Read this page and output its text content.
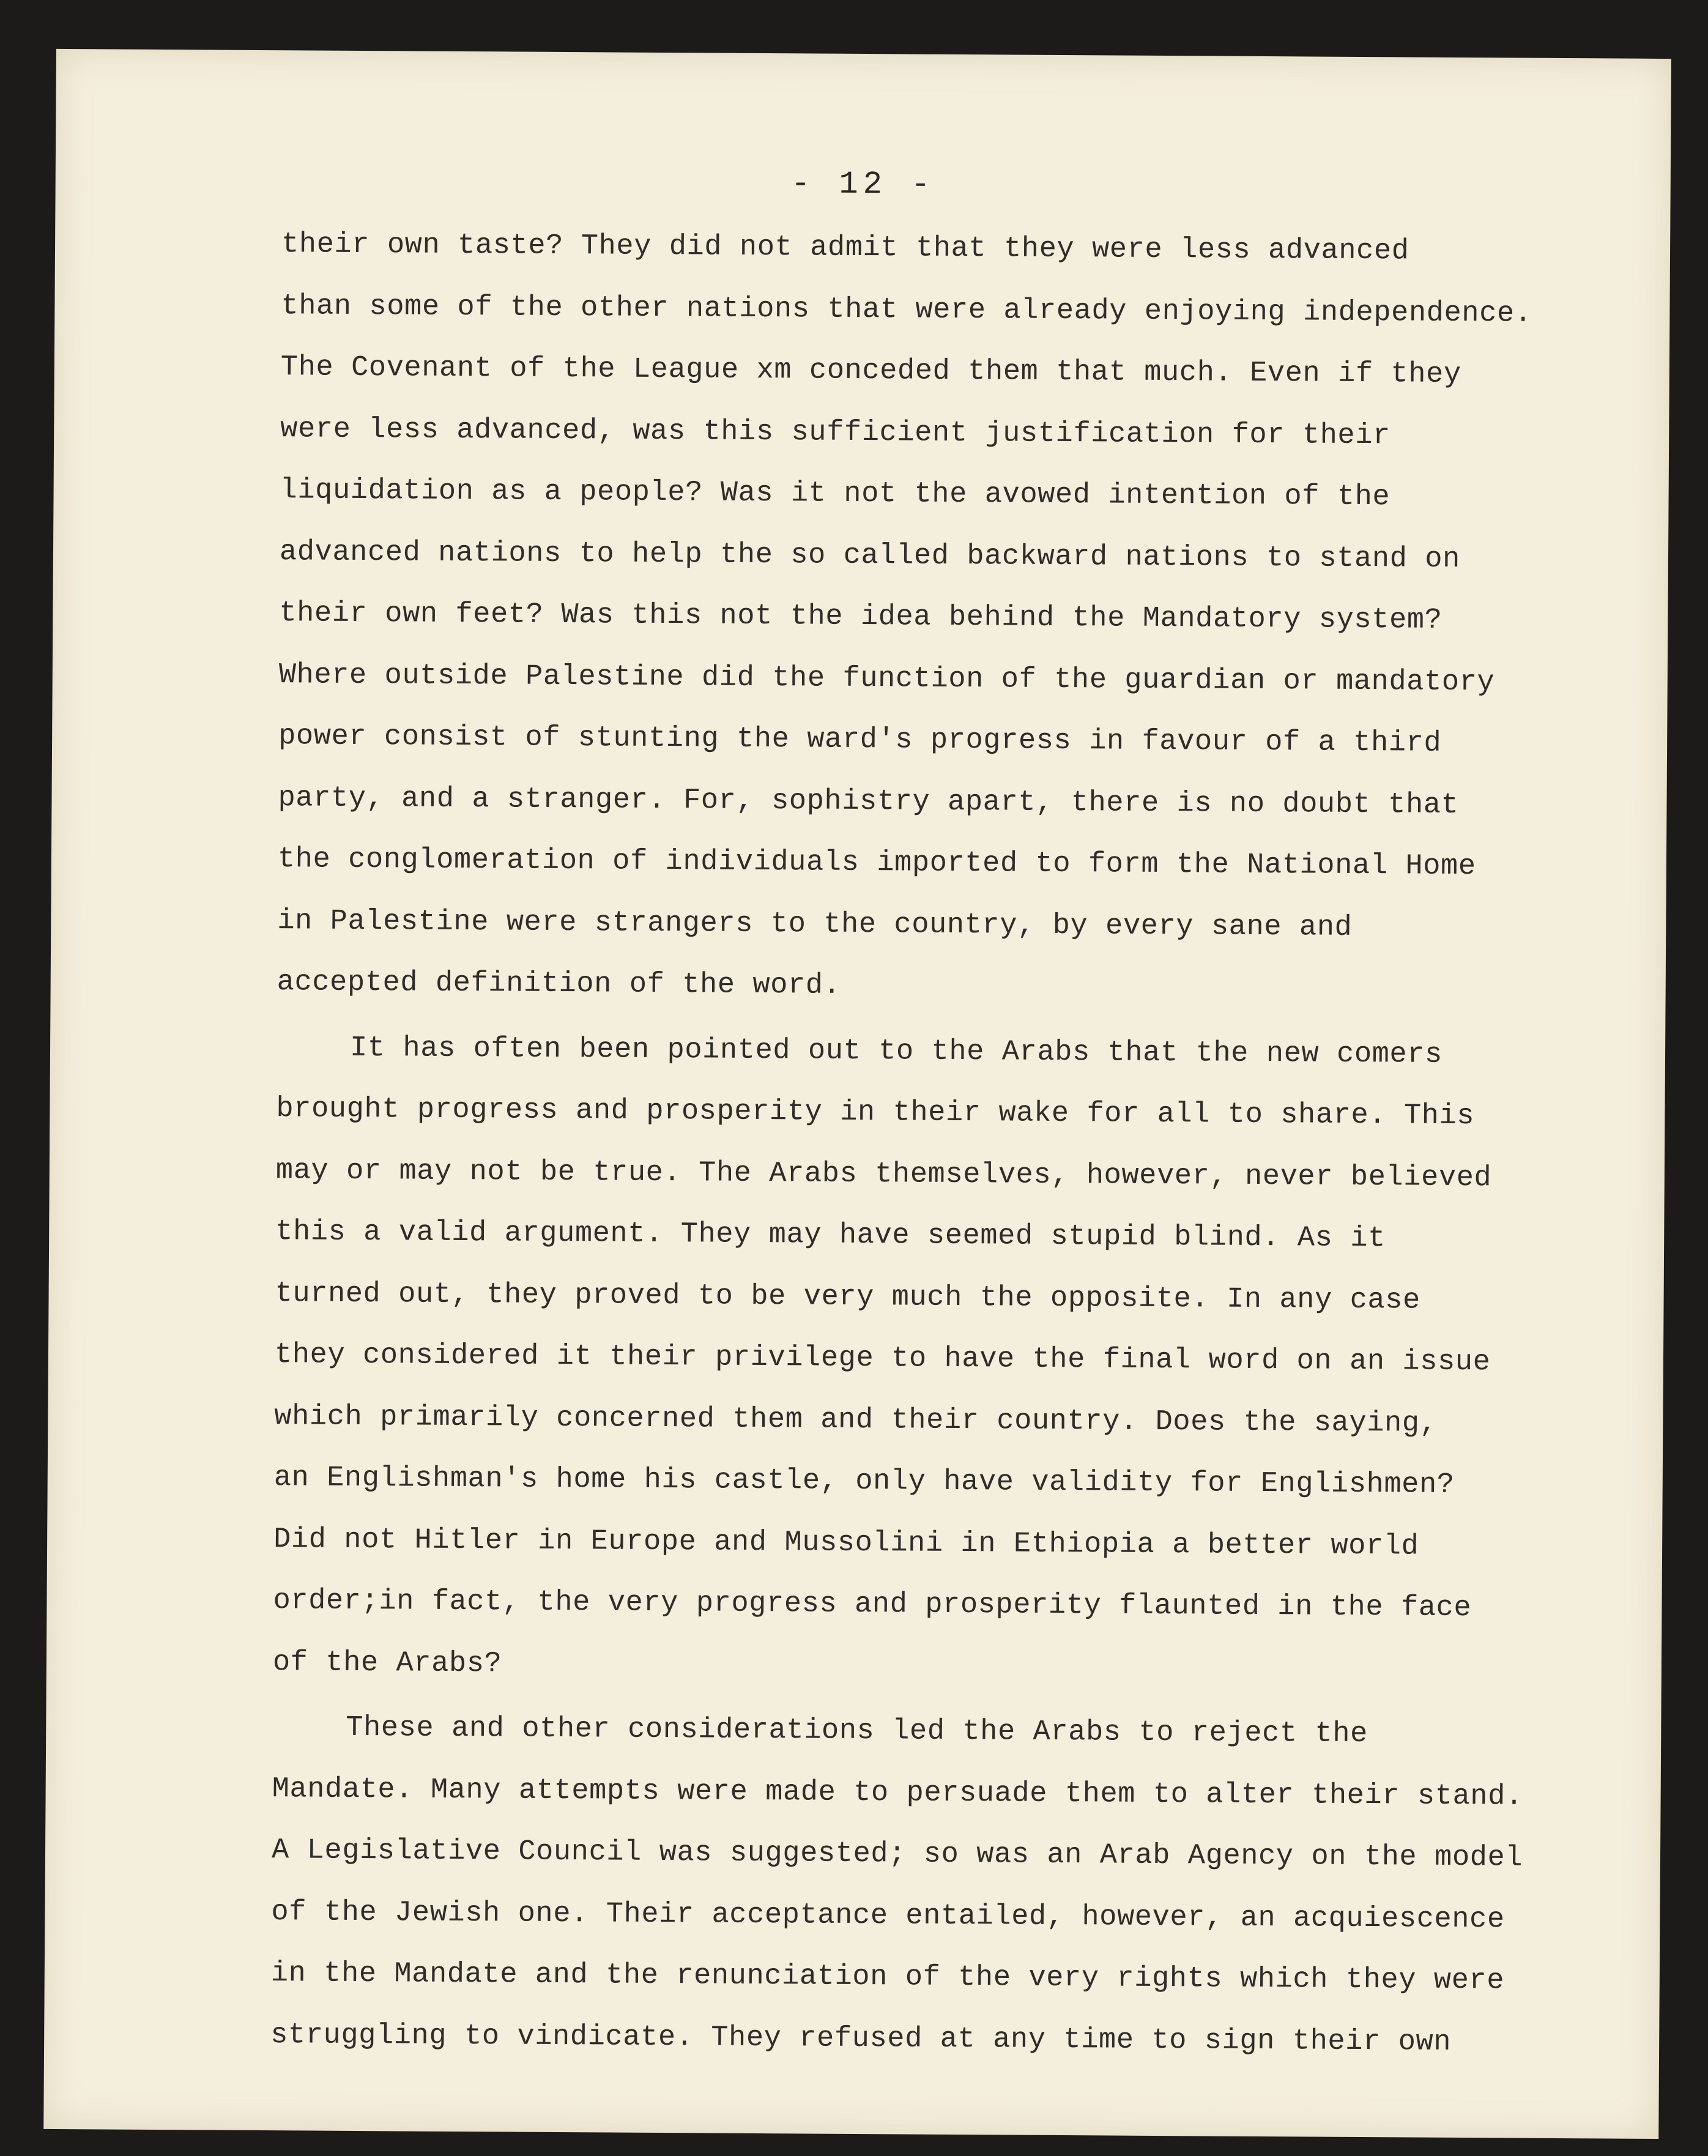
- 12 -
their own taste? They did not admit that they were less advanced
than some of the other nations that were already enjoying independence.
The Covenant of the League xm conceded them that much. Even if they
were less advanced, was this sufficient justification for their
liquidation as a people? Was it not the avowed intention of the
advanced nations to help the so called backward nations to stand on
their own feet? Was this not the idea behind the Mandatory system?
Where outside Palestine did the function of the guardian or mandatory
power consist of stunting the ward's progress in favour of a third
party, and a stranger. For, sophistry apart, there is no doubt that
the conglomeration of individuals imported to form the National Home
in Palestine were strangers to the country, by every sane and
accepted definition of the word.
It has often been pointed out to the Arabs that the new comers
brought progress and prosperity in their wake for all to share. This
may or may not be true. The Arabs themselves, however, never believed
this a valid argument. They may have seemed stupid blind. As it
turned out, they proved to be very much the opposite. In any case
they considered it their privilege to have the final word on an issue
which primarily concerned them and their country. Does the saying,
an Englishman's home his castle, only have validity for Englishmen?
Did not Hitler in Europe and Mussolini in Ethiopia a better world
order;in fact, the very progress and prosperity flaunted in the face
of the Arabs?
These and other considerations led the Arabs to reject the
Mandate. Many attempts were made to persuade them to alter their stand.
A Legislative Council was suggested; so was an Arab Agency on the model
of the Jewish one. Their acceptance entailed, however, an acquiescence
in the Mandate and the renunciation of the very rights which they were
struggling to vindicate. They refused at any time to sign their own
